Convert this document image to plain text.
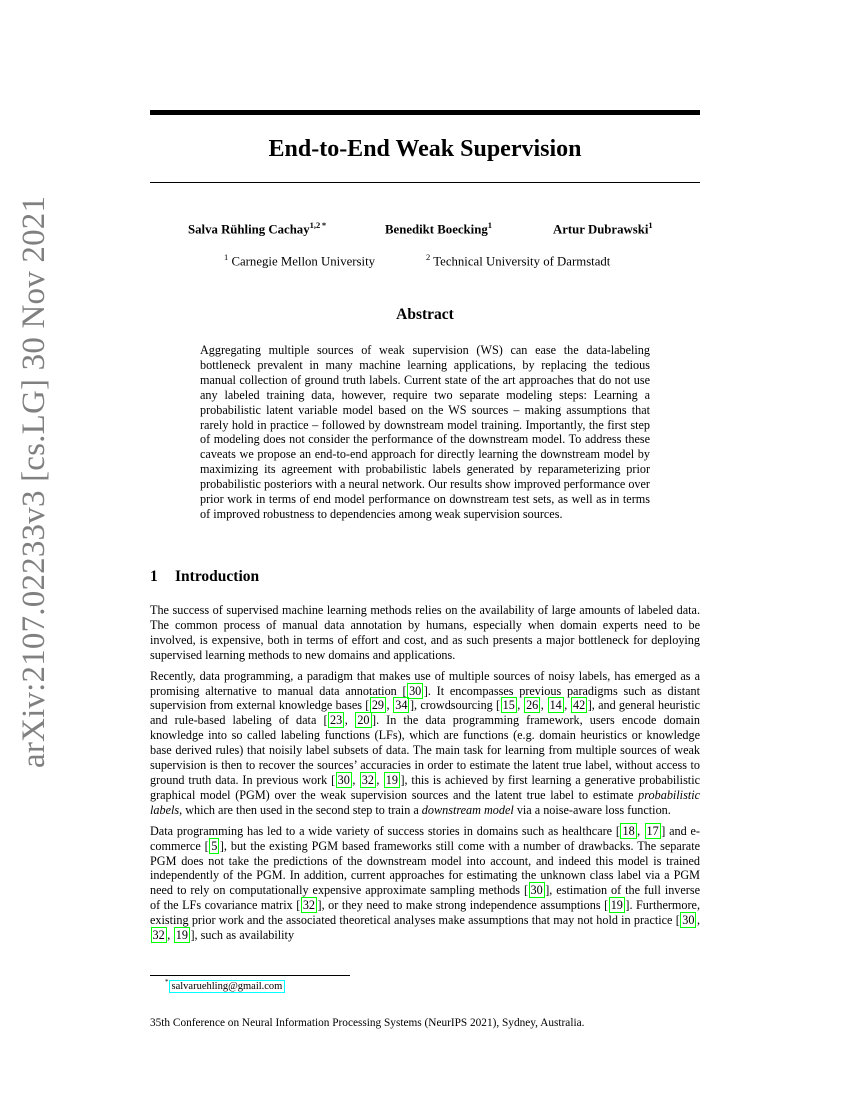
arXiv:2107.02233v3 [cs.LG] 30 Nov 2021
End-to-End Weak Supervision
Salva Rühling Cachay$^{1,2 *}$	Benedikt Boecking$^1$	Artur Dubrawski$^1$
$^1$ Carnegie Mellon University	$^2$ Technical University of Darmstadt
Abstract

Aggregating multiple sources of weak supervision (WS) can ease the data-labeling bottleneck prevalent in many machine learning applications, by replacing the tedious manual collection of ground truth labels. Current state of the art approaches that do not use any labeled training data, however, require two separate modeling steps: Learning a probabilistic latent variable model based on the WS sources – making assumptions that rarely hold in practice – followed by downstream model training. Importantly, the first step of modeling does not consider the performance of the downstream model. To address these caveats we propose an end-to-end approach for directly learning the downstream model by maximizing its agreement with probabilistic labels generated by reparameterizing prior probabilistic posteriors with a neural network. Our results show improved performance over prior work in terms of end model performance on downstream test sets, as well as in terms of improved robustness to dependencies among weak supervision sources.

1 Introduction

The success of supervised machine learning methods relies on the availability of large amounts of labeled data. The common process of manual data annotation by humans, especially when domain experts need to be involved, is expensive, both in terms of effort and cost, and as such presents a major bottleneck for deploying supervised learning methods to new domains and applications.

Recently, data programming, a paradigm that makes use of multiple sources of noisy labels, has emerged as a promising alternative to manual data annotation [ 30 ]. It encompasses previous paradigms such as distant supervision from external knowledge bases [ 29 , 34 ], crowdsourcing [ 15 , 26 , 14 , 42 ], and general heuristic and rule-based labeling of data [ 23 , 20 ]. In the data programming framework, users encode domain knowledge into so called labeling functions (LFs), which are functions (e.g. domain heuristics or knowledge base derived rules) that noisily label subsets of data. The main task for learning from multiple sources of weak supervision is then to recover the sources’ accuracies in order to estimate the latent true label, without access to ground truth data. In previous work [ 30 , 32 , 19 ], this is achieved by first learning a generative probabilistic graphical model (PGM) over the weak supervision sources and the latent true label to estimate probabilistic labels, which are then used in the second step to train a downstream model via a noise-aware loss function.

Data programming has led to a wide variety of success stories in domains such as healthcare [ 18 , 17 ] and e-commerce [ 5 ], but the existing PGM based frameworks still come with a number of drawbacks. The separate PGM does not take the predictions of the downstream model into account, and indeed this model is trained independently of the PGM. In addition, current approaches for estimating the unknown class label via a PGM need to rely on computationally expensive approximate sampling methods [ 30 ], estimation of the full inverse of the LFs covariance matrix [ 32 ], or they need to make strong independence assumptions [ 19 ]. Furthermore, existing prior work and the associated theoretical analyses make assumptions that may not hold in practice [ 30 , 32 , 19 ], such as availability

* salvaruehling@gmail.com
35th Conference on Neural Information Processing Systems (NeurIPS 2021), Sydney, Australia.
